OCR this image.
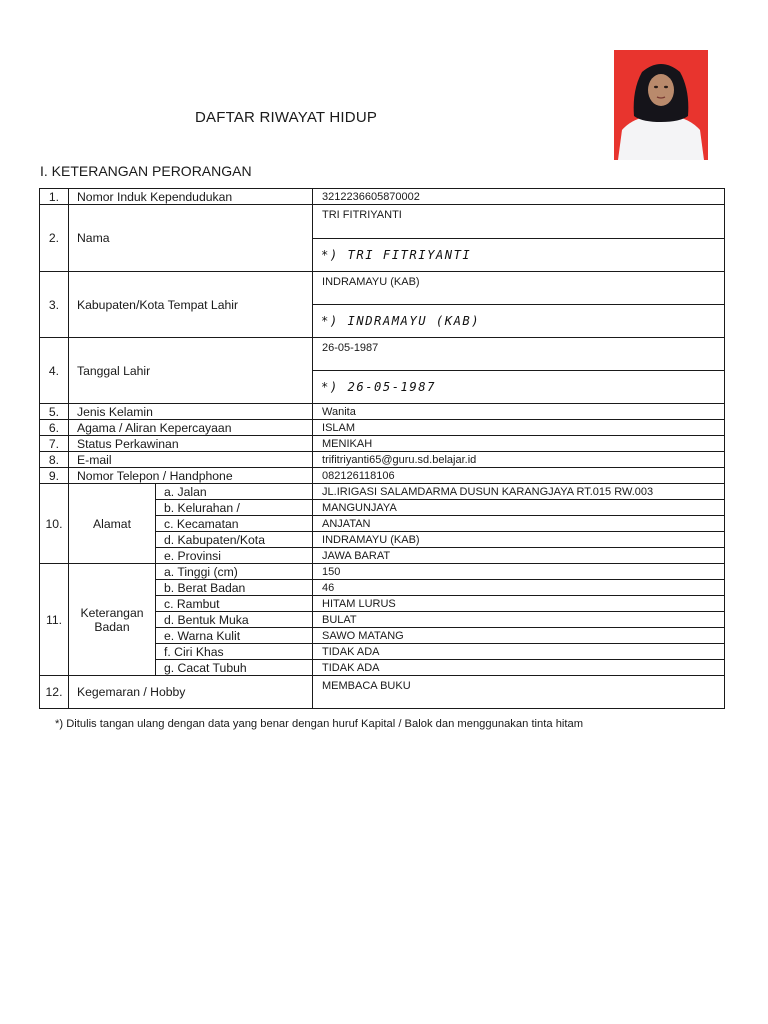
DAFTAR RIWAYAT HIDUP
I. KETERANGAN PERORANGAN
1.	Nomor Induk Kependudukan		3212236605870002
2.	Nama		TRI FITRIYANTI
			*) TRI FITRIYANTI
3.	Kabupaten/Kota Tempat Lahir		INDRAMAYU (KAB)
			*) INDRAMAYU (KAB)
4.	Tanggal Lahir		26-05-1987
			*) 26-05-1987
5.	Jenis Kelamin		Wanita
6.	Agama / Aliran Kepercayaan		ISLAM
7.	Status Perkawinan		MENIKAH
8.	E-mail		trifitriyanti65@guru.sd.belajar.id
9.	Nomor Telepon / Handphone		082126118106
10.	Alamat	a. Jalan	JL.IRIGASI SALAMDARMA DUSUN KARANGJAYA RT.015 RW.003
		b. Kelurahan /	MANGUNJAYA
		c. Kecamatan	ANJATAN
		d. Kabupaten/Kota	INDRAMAYU (KAB)
		e. Provinsi	JAWA BARAT
11.	Keterangan
Badan	a. Tinggi (cm)	150
		b. Berat Badan	46
		c. Rambut	HITAM LURUS
		d. Bentuk Muka	BULAT
		e. Warna Kulit	SAWO MATANG
		f. Ciri Khas	TIDAK ADA
		g. Cacat Tubuh	TIDAK ADA
12.	Kegemaran / Hobby		MEMBACA BUKU
*) Ditulis tangan ulang dengan data yang benar dengan huruf Kapital / Balok dan menggunakan tinta hitam
